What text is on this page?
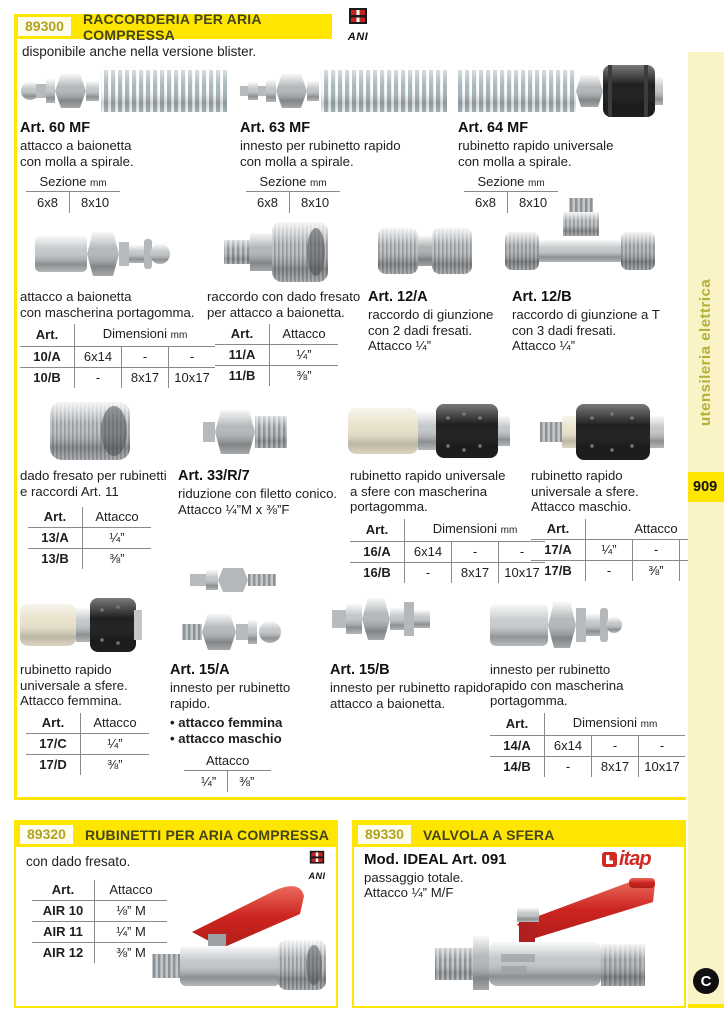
89300	RACCORDERIA PER ARIA COMPRESSA	ANI
disponibile anche nella versione blister.
Art. 60 MF
attacco a baionetta
con molla a spirale.
Sezione mm
6x8	8x10
Art. 63 MF
innesto per rubinetto rapido
con molla a spirale.
Sezione mm
6x8	8x10
Art. 64 MF
rubinetto rapido universale
con molla a spirale.
Sezione mm
6x8	8x10
attacco a baionetta
con mascherina portagomma.
Art.	Dimensioni mm		
10/A	6x14	-	-
10/B	-	8x17	10x17
raccordo con dado fresato
per attacco a baionetta.
Art.	Attacco
11/A	¼”
11/B	⅜”
Art. 12/A
raccordo di giunzione
con 2 dadi fresati.
Attacco ¼”
Art. 12/B
raccordo di giunzione a T
con 3 dadi fresati.
Attacco ¼”
dado fresato per rubinetti
e raccordi Art. 11
Art.	Attacco
13/A	¼”
13/B	⅜”
Art. 33/R/7
riduzione con filetto conico.
Attacco ¼”M x ⅜”F
rubinetto rapido universale
a sfere con mascherina
portagomma.
Art.	Dimensioni mm		
16/A	6x14	-	-
16/B	-	8x17	10x17
rubinetto rapido
universale a sfere.
Attacco maschio.
Art.	Attacco		
17/A	¼”	-	
17/B	-	⅜”	
rubinetto rapido
universale a sfere.
Attacco femmina.
Art.	Attacco
17/C	¼”
17/D	⅜”
Art. 15/A
innesto per rubinetto
rapido.
• attacco femmina
• attacco maschio
Attacco
¼”	⅜”
Art. 15/B
innesto per rubinetto rapido
attacco a baionetta.
innesto per rubinetto
rapido con mascherina
portagomma.
Art.	Dimensioni mm		
14/A	6x14	-	-
14/B	-	8x17	10x17
89320	RUBINETTI PER ARIA COMPRESSA
con dado fresato.
ANI
Art.	Attacco
AIR 10	⅛” M
AIR 11	¼” M
AIR 12	⅜” M
89330	VALVOLA A SFERA
Mod. IDEAL Art. 091
passaggio totale.
Attacco ¼” M/F
itap
utensileria elettrica
909
C
